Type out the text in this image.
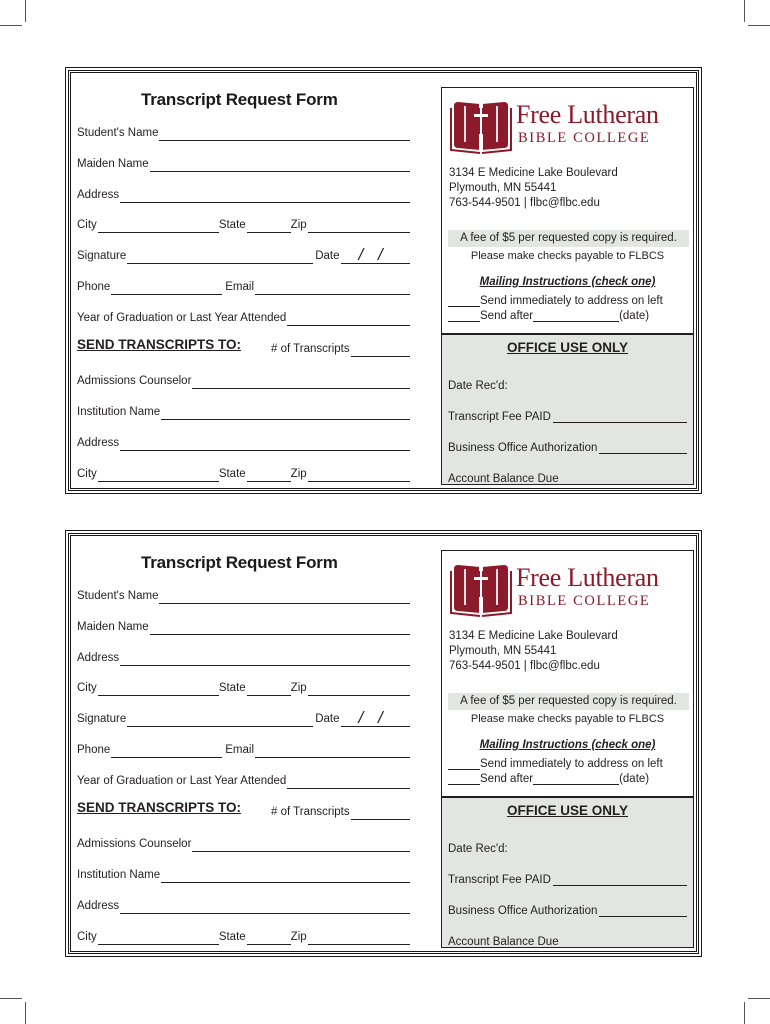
Transcript Request Form
Student's Name
Maiden Name
Address
City	State	Zip
Signature	Date / /
Phone	Email
Year of Graduation or Last Year Attended
SEND TRANSCRIPTS TO:	# of Transcripts
Admissions Counselor
Institution Name
Address
City	State	Zip
Free Lutheran
BIBLE COLLEGE
3134 E Medicine Lake Boulevard
Plymouth, MN 55441
763-544-9501 | flbc@flbc.edu
A fee of $5 per requested copy is required.
Please make checks payable to FLBCS
Mailing Instructions (check one)
Send immediately to address on left
Send after	(date)
OFFICE USE ONLY
Date Rec'd:
Transcript Fee PAID
Business Office Authorization
Account Balance Due
Transcript Request Form
Student's Name
Maiden Name
Address
City	State	Zip
Signature	Date / /
Phone	Email
Year of Graduation or Last Year Attended
SEND TRANSCRIPTS TO:	# of Transcripts
Admissions Counselor
Institution Name
Address
City	State	Zip
Free Lutheran
BIBLE COLLEGE
3134 E Medicine Lake Boulevard
Plymouth, MN 55441
763-544-9501 | flbc@flbc.edu
A fee of $5 per requested copy is required.
Please make checks payable to FLBCS
Mailing Instructions (check one)
Send immediately to address on left
Send after	(date)
OFFICE USE ONLY
Date Rec'd:
Transcript Fee PAID
Business Office Authorization
Account Balance Due
